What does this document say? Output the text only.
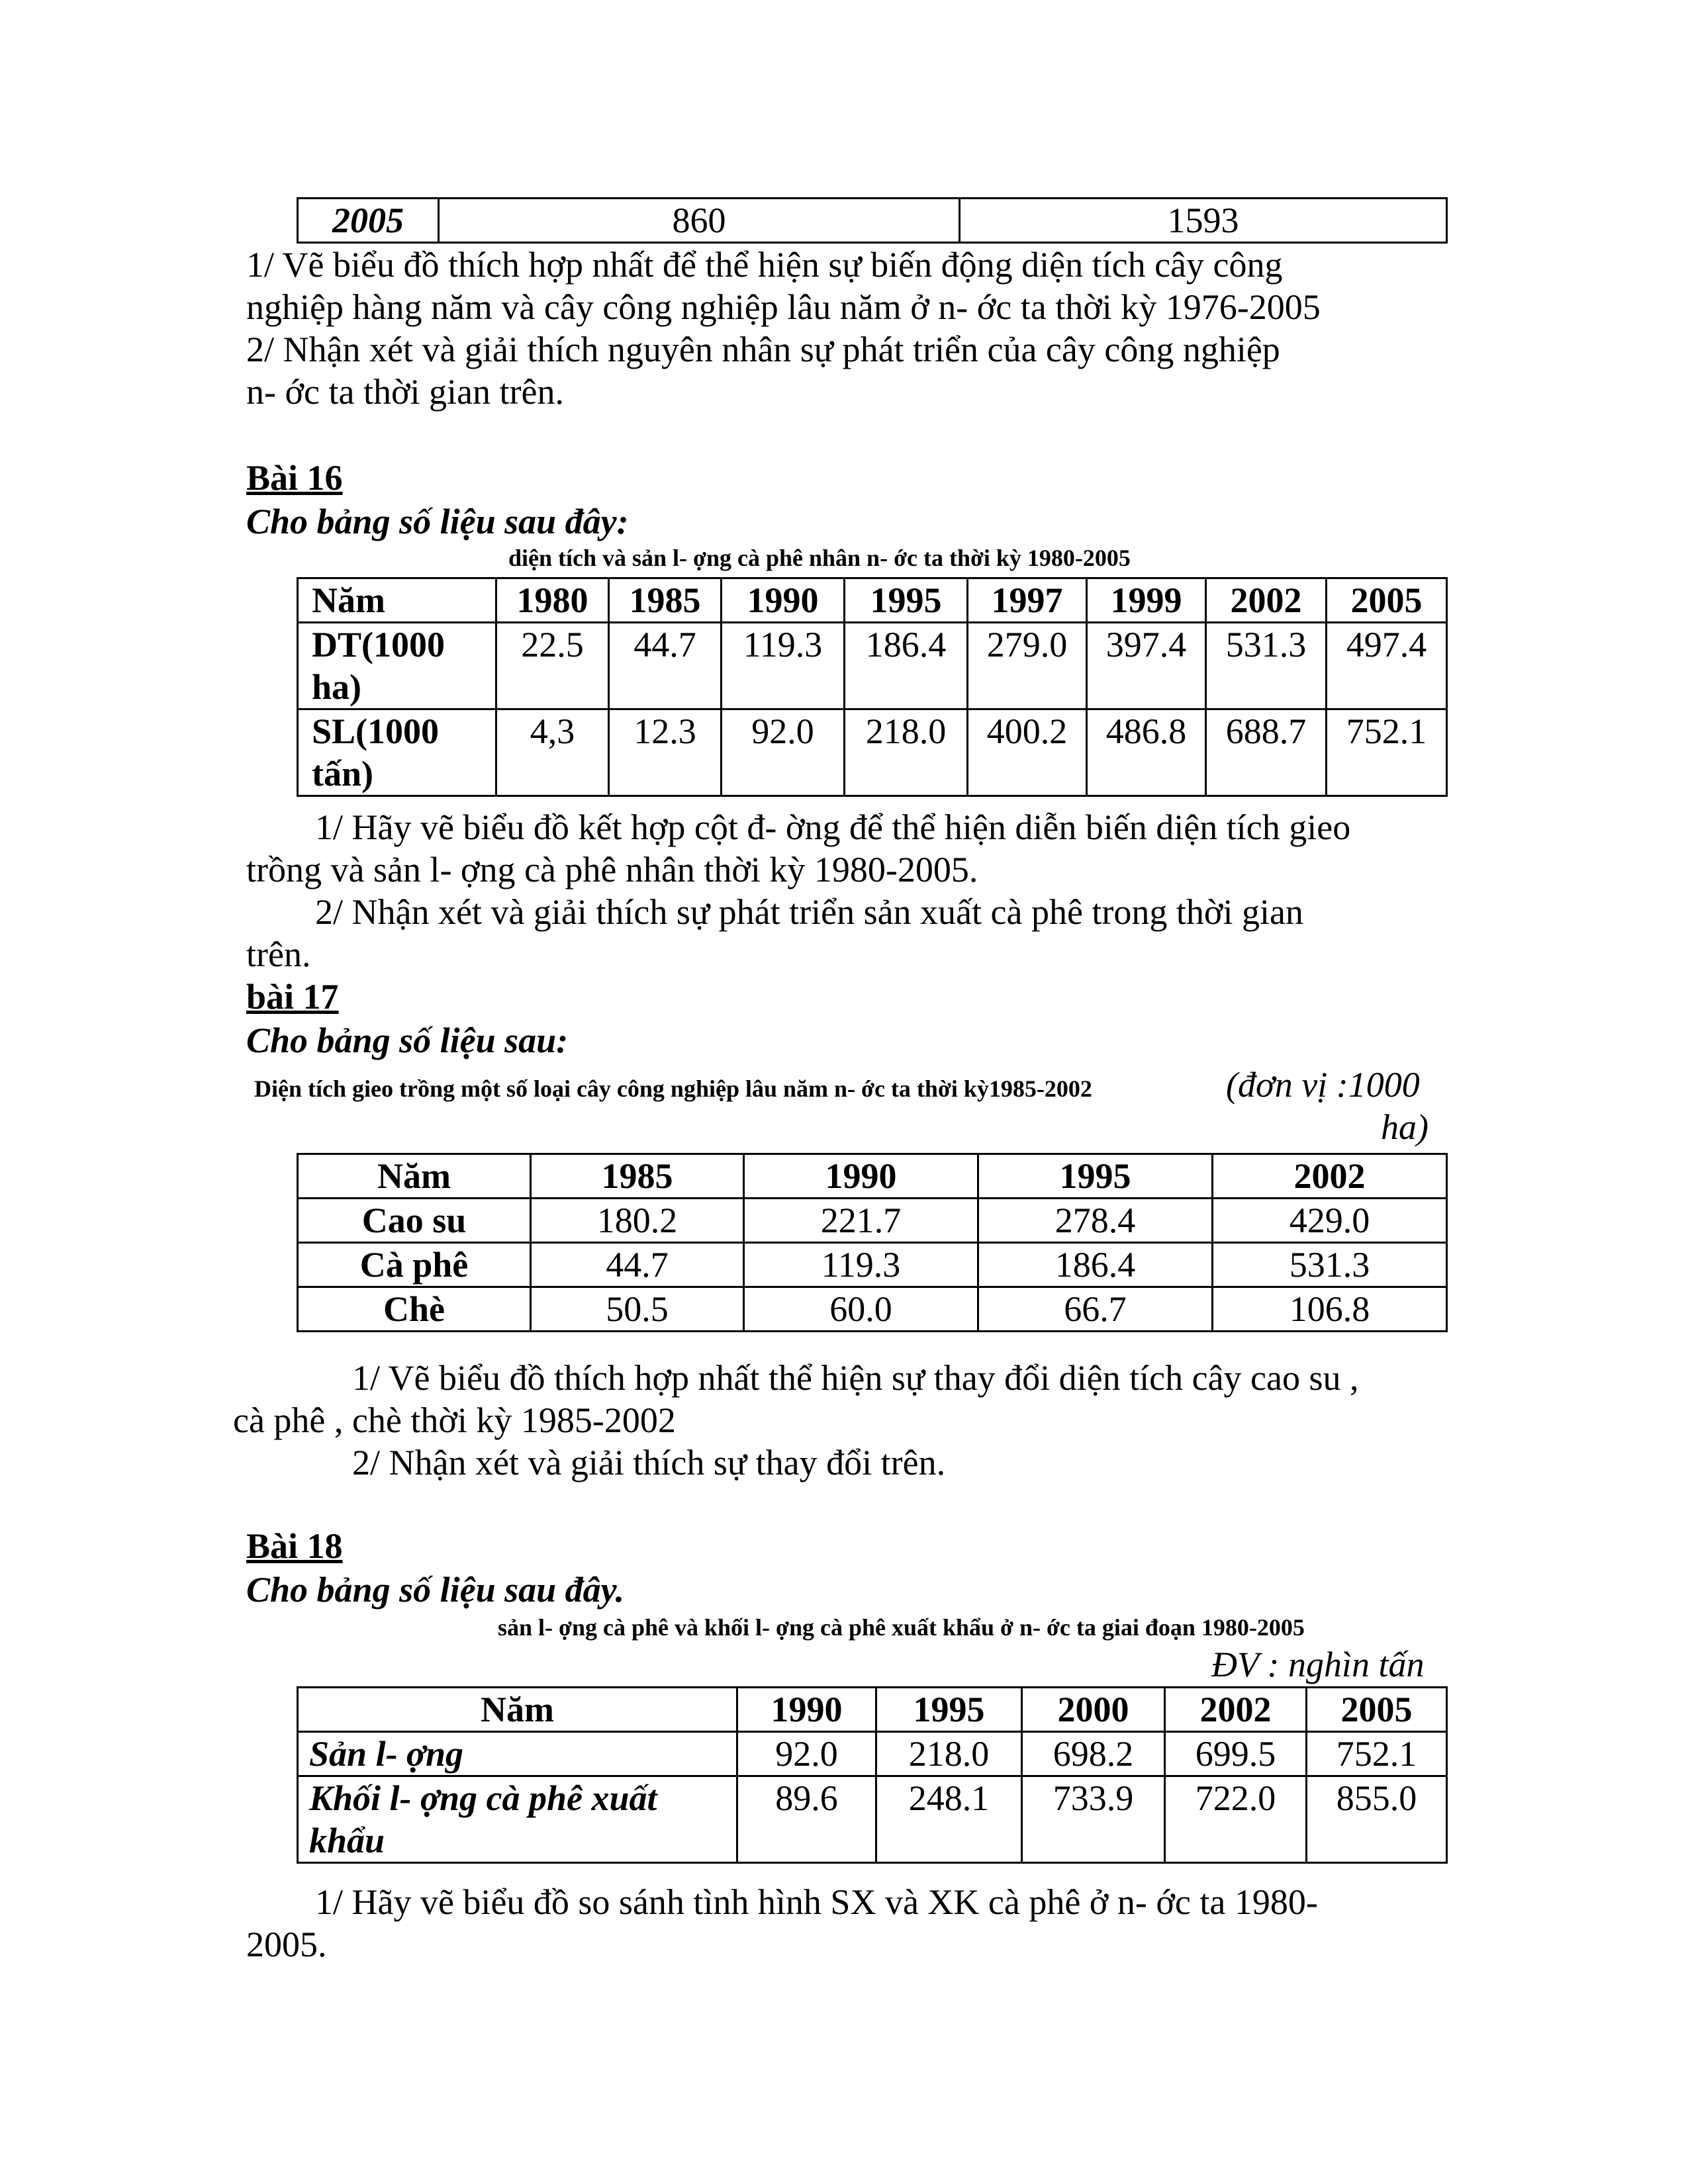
2005	860	1593

1/ Vẽ biểu đồ thích hợp nhất để thể hiện sự biến động diện tích cây công

nghiệp hàng năm và cây công nghiệp lâu năm ở n- ớc ta thời kỳ 1976-2005

2/ Nhận xét và giải thích nguyên nhân sự phát triển của cây công nghiệp

n- ớc ta thời gian trên.

Bài 16

Cho bảng số liệu sau đây:

diện tích và sản l- ợng cà phê nhân n- ớc ta thời kỳ 1980-2005
Năm	1980	1985	1990	1995	1997	1999	2002	2005
DT(1000 ha)	22.5	44.7	119.3	186.4	279.0	397.4	531.3	497.4
SL(1000 tấn)	4,3	12.3	92.0	218.0	400.2	486.8	688.7	752.1

1/ Hãy vẽ biểu đồ kết hợp cột đ- ờng để thể hiện diễn biến diện tích gieo

trồng và sản l- ợng cà phê nhân thời kỳ 1980-2005.

2/ Nhận xét và giải thích sự phát triển sản xuất cà phê trong thời gian

trên.

bài 17

Cho bảng số liệu sau:

Diện tích gieo trồng một số loại cây công nghiệp lâu năm n- ớc ta thời kỳ1985-2002	(đơn vị :1000
ha)
Năm	1985	1990	1995	2002
Cao su	180.2	221.7	278.4	429.0
Cà phê	44.7	119.3	186.4	531.3
Chè	50.5	60.0	66.7	106.8

1/ Vẽ biểu đồ thích hợp nhất thể hiện sự thay đổi diện tích cây cao su ,

cà phê , chè thời kỳ 1985-2002

2/ Nhận xét và giải thích sự thay đổi trên.

Bài 18

Cho bảng số liệu sau đây.

sản l- ợng cà phê và khối l- ợng cà phê xuất khẩu ở n- ớc ta giai đoạn 1980-2005
ĐV : nghìn tấn
Năm	1990	1995	2000	2002	2005
Sản l- ợng	92.0	218.0	698.2	699.5	752.1
Khối l- ợng cà phê xuất khẩu	89.6	248.1	733.9	722.0	855.0

1/ Hãy vẽ biểu đồ so sánh tình hình SX và XK cà phê ở n- ớc ta 1980-

2005.
